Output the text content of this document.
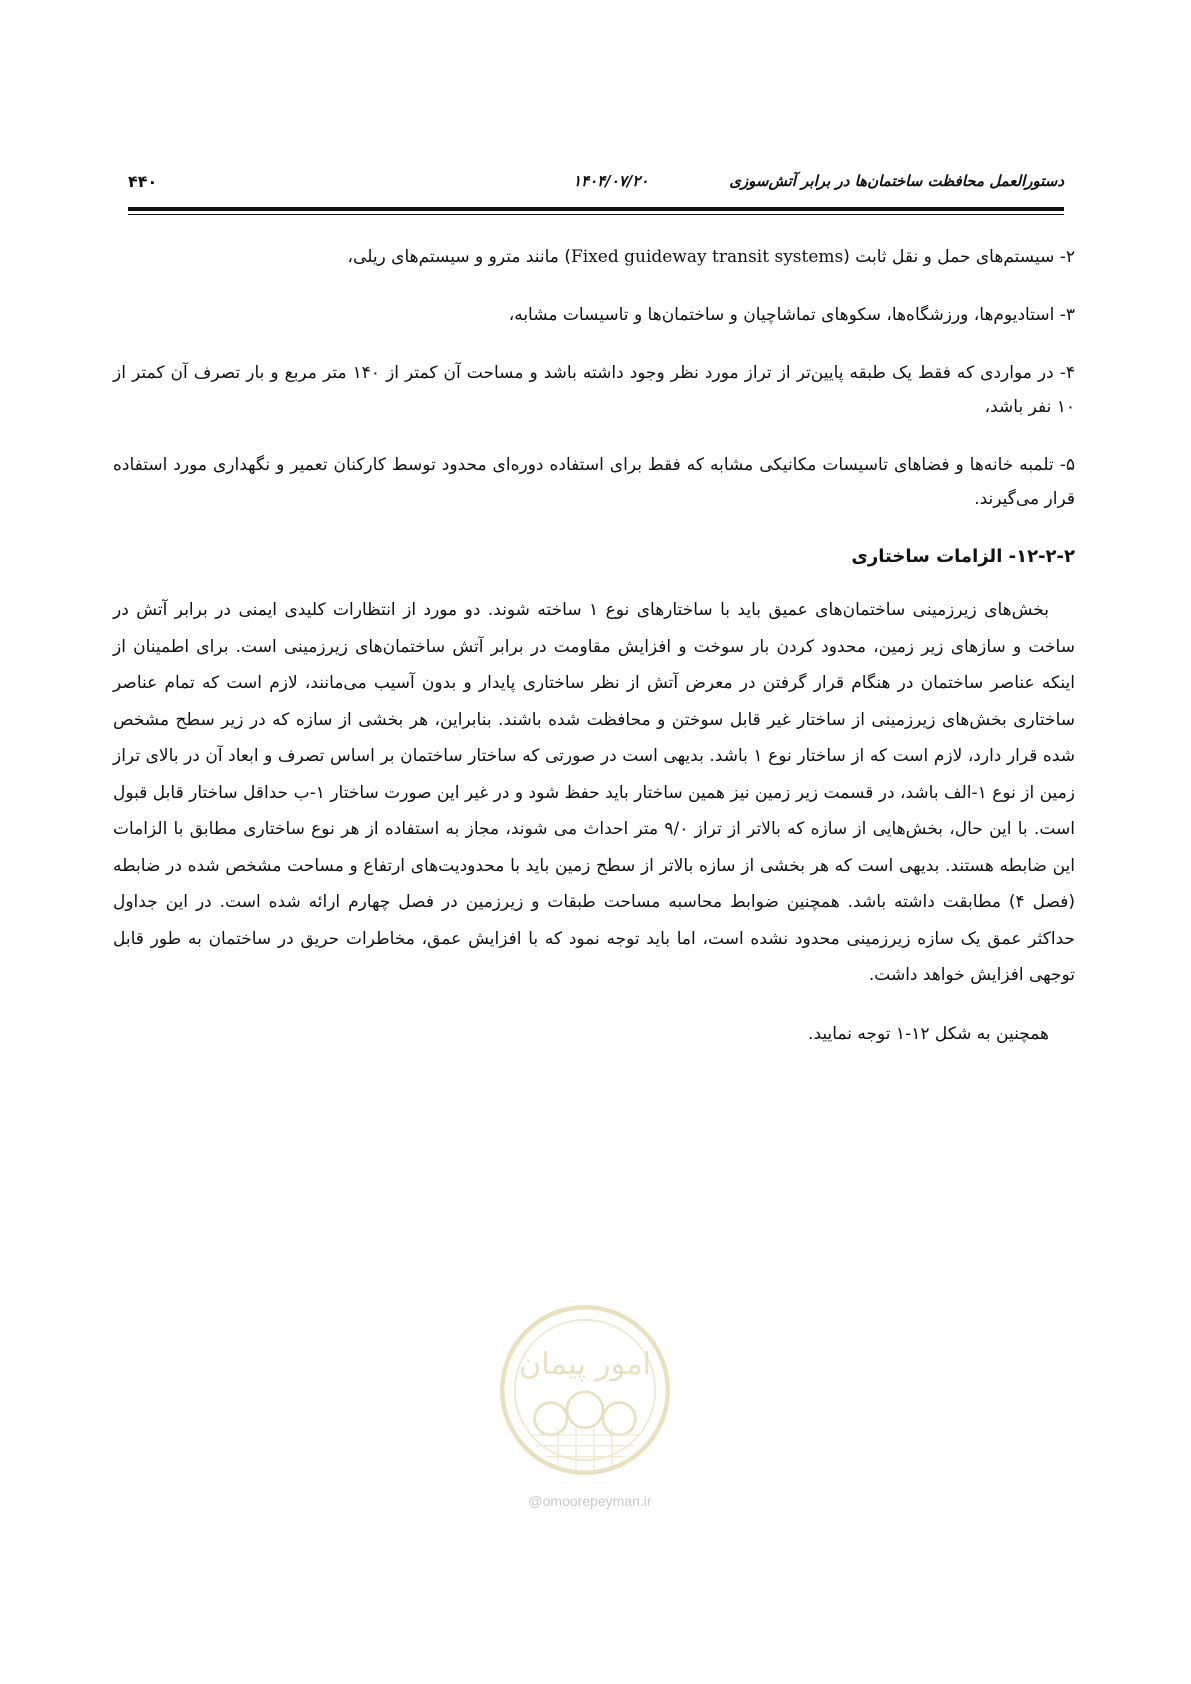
۴۴۰	۱۴۰۴/۰۷/۲۰	دستورالعمل محافظت ساختمان‌ها در برابر آتش‌سوزی

۲- سیستم‌های حمل و نقل ثابت (Fixed guideway transit systems) مانند مترو و سیستم‌های ریلی،

۳- استادیوم‌ها، ورزشگاه‌ها، سکوهای تماشاچیان و ساختمان‌ها و تاسیسات مشابه،

۴- در مواردی که فقط یک طبقه پایین‌تر از تراز مورد نظر وجود داشته باشد و مساحت آن کمتر از ۱۴۰ متر مربع و بار تصرف آن کمتر از ۱۰ نفر باشد،

۵- تلمبه خانه‌ها و فضاهای تاسیسات مکانیکی مشابه که فقط برای استفاده دوره‌ای محدود توسط کارکنان تعمیر و نگهداری مورد استفاده قرار می‌گیرند.

۱۲-۲-۲- الزامات ساختاری

بخش‌های زیرزمینی ساختمان‌های عمیق باید با ساختارهای نوع ۱ ساخته شوند. دو مورد از انتظارات کلیدی ایمنی در برابر آتش در ساخت و سازهای زیر زمین، محدود کردن بار سوخت و افزایش مقاومت در برابر آتش ساختمان‌های زیرزمینی است. برای اطمینان از اینکه عناصر ساختمان در هنگام قرار گرفتن در معرض آتش از نظر ساختاری پایدار و بدون آسیب می‌مانند، لازم است که تمام عناصر ساختاری بخش‌های زیرزمینی از ساختار غیر قابل سوختن و محافظت شده باشند. بنابراین، هر بخشی از سازه که در زیر سطح مشخص شده قرار دارد، لازم است که از ساختار نوع ۱ باشد. بدیهی است در صورتی که ساختار ساختمان بر اساس تصرف و ابعاد آن در بالای تراز زمین از نوع ۱-الف باشد، در قسمت زیر زمین نیز همین ساختار باید حفظ شود و در غیر این صورت ساختار ۱-ب حداقل ساختار قابل قبول است. با این حال، بخش‌هایی از سازه که بالاتر از تراز ۹/۰ متر احداث می شوند، مجاز به استفاده از هر نوع ساختاری مطابق با الزامات این ضابطه هستند. بدیهی است که هر بخشی از سازه بالاتر از سطح زمین باید با محدودیت‌های ارتفاع و مساحت مشخص شده در ضابطه (فصل ۴) مطابقت داشته باشد. همچنین ضوابط محاسبه مساحت طبقات و زیرزمین در فصل چهارم ارائه شده است. در این جداول حداکثر عمق یک سازه زیرزمینی محدود نشده است، اما باید توجه نمود که با افزایش عمق، مخاطرات حریق در ساختمان به طور قابل توجهی افزایش خواهد داشت.

همچنین به شکل ۱۲-۱ توجه نمایید.

امور پیمان
@omoorepeyman.ir
